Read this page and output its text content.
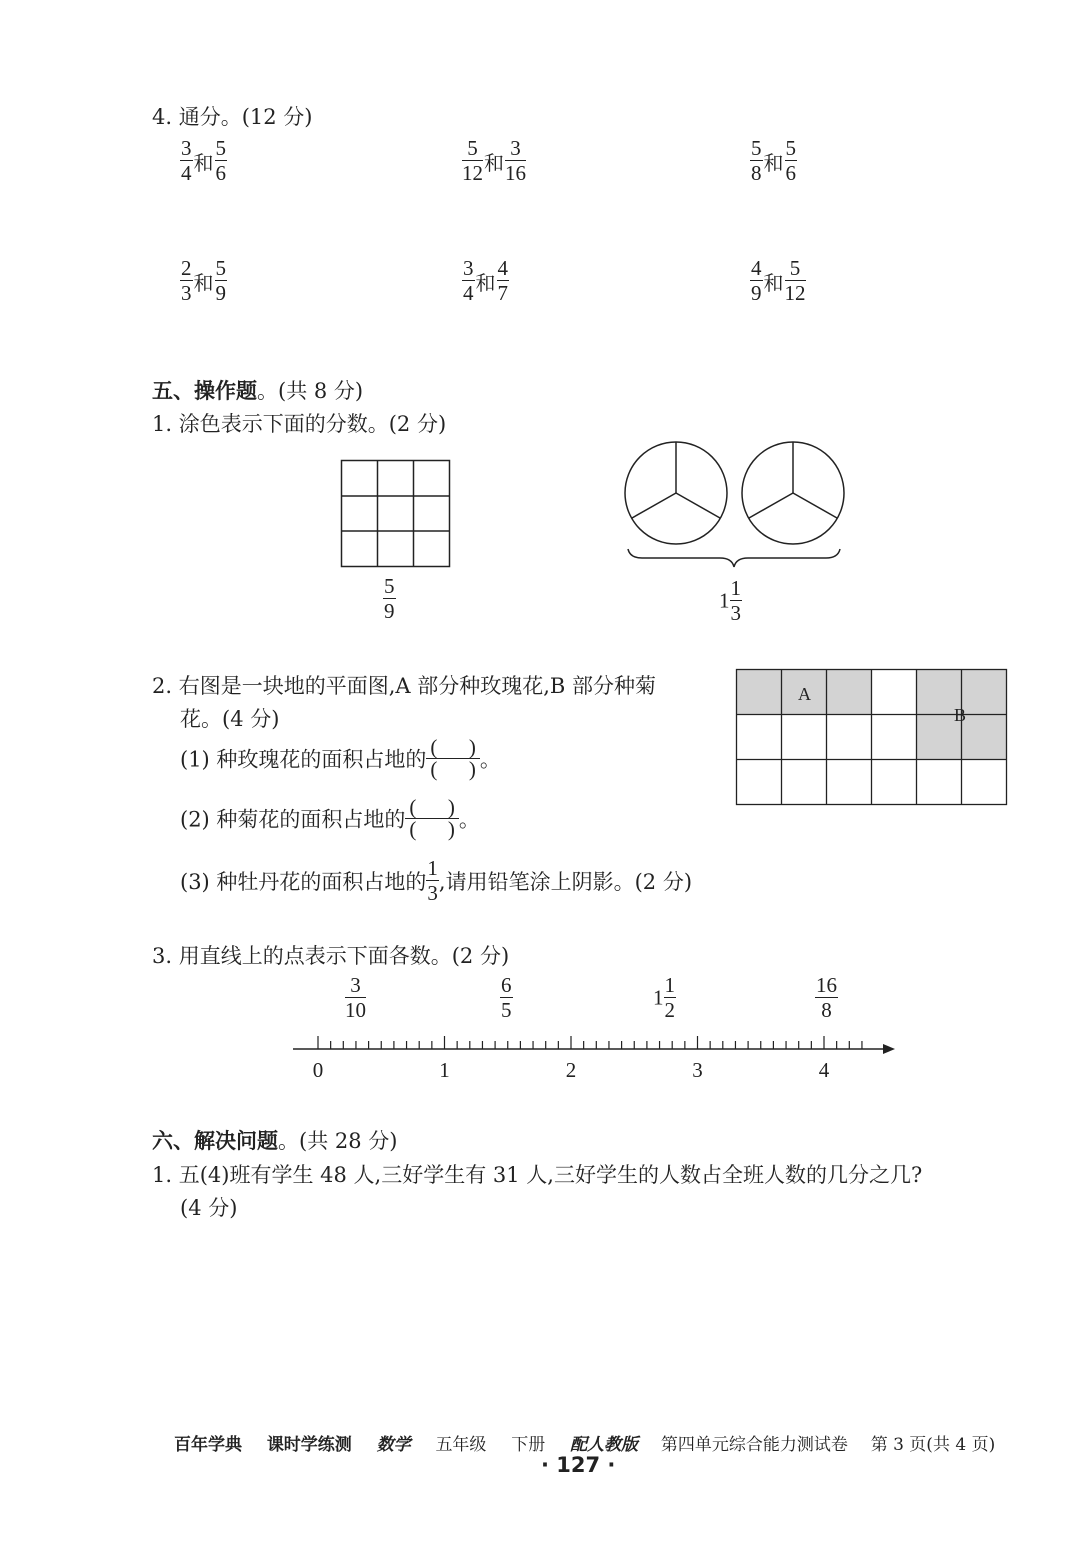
4. 通分。(12 分)
$\frac{3}{4}$ 和 $\frac{5}{6}$	$\frac{5}{12}$ 和 $\frac{3}{16}$	$\frac{5}{8}$ 和 $\frac{5}{6}$
$\frac{2}{3}$ 和 $\frac{5}{9}$	$\frac{3}{4}$ 和 $\frac{4}{7}$	$\frac{4}{9}$ 和 $\frac{5}{12}$
五、操作题。(共 8 分)
1. 涂色表示下面的分数。(2 分)
$\frac{5}{9}$	$1 \frac{1}{3}$
2. 右图是一块地的平面图,A 部分种玫瑰花,B 部分种菊
花。(4 分)
(1) 种玫瑰花的面积占地的 $\frac{( )}{( )}$ 。
(2) 种菊花的面积占地的 $\frac{( )}{( )}$ 。
(3) 种牡丹花的面积占地的 $\frac{1}{3}$ ,请用铅笔涂上阴影。(2 分)
A
B
3. 用直线上的点表示下面各数。(2 分)
$\frac{3}{10}$	$\frac{6}{5}$	$1 \frac{1}{2}$	$\frac{16}{8}$
0	1	2	3	4
六、解决问题。(共 28 分)
1. 五(4)班有学生 48 人,三好学生有 31 人,三好学生的人数占全班人数的几分之几?
(4 分)
百年学典 课时学练测 数学 五年级 下册 配人教版 第四单元综合能力测试卷 第 3 页(共 4 页)
· 127 ·
